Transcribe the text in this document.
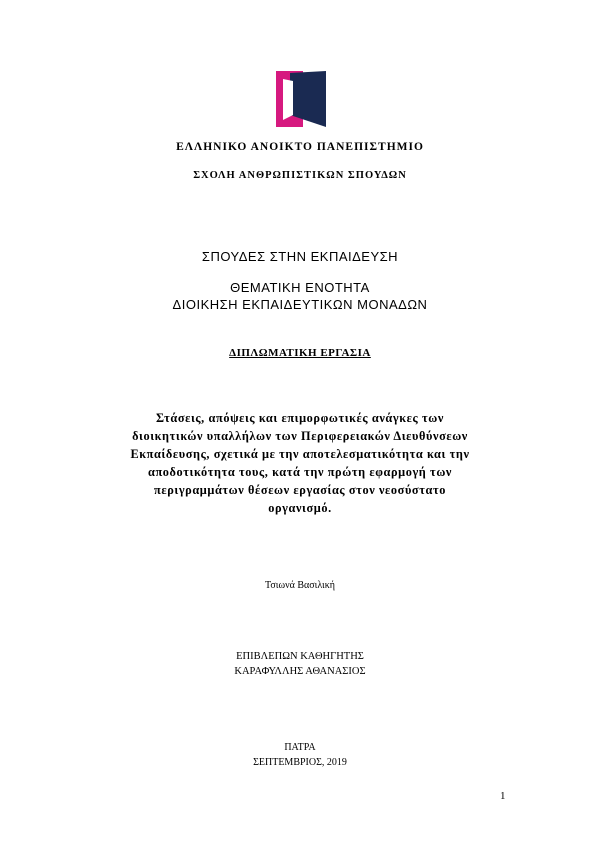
ΕΛΛΗΝΙΚΟ ΑΝΟΙΚΤΟ ΠΑΝΕΠΙΣΤΗΜΙΟ
ΣΧΟΛΗ ΑΝΘΡΩΠΙΣΤΙΚΩΝ ΣΠΟΥΔΩΝ
ΣΠΟΥΔΕΣ ΣΤΗΝ ΕΚΠΑΙΔΕΥΣΗ
ΘΕΜΑΤΙΚΗ ΕΝΟΤΗΤΑ
ΔΙΟΙΚΗΣΗ ΕΚΠΑΙΔΕΥΤΙΚΩΝ ΜΟΝΑΔΩΝ
ΔΙΠΛΩΜΑΤΙΚΗ ΕΡΓΑΣΙΑ
Στάσεις, απόψεις και επιμορφωτικές ανάγκες των
διοικητικών υπαλλήλων των Περιφερειακών Διευθύνσεων
Εκπαίδευσης, σχετικά με την αποτελεσματικότητα και την
αποδοτικότητα τους, κατά την πρώτη εφαρμογή των
περιγραμμάτων θέσεων εργασίας στον νεοσύστατο
οργανισμό.
Τσιωνά Βασιλική
ΕΠΙΒΛΕΠΩΝ ΚΑΘΗΓΗΤΗΣ
ΚΑΡΑΦΥΛΛΗΣ ΑΘΑΝΑΣΙΟΣ
ΠΑΤΡΑ
ΣΕΠΤΕΜΒΡΙΟΣ, 2019
1
